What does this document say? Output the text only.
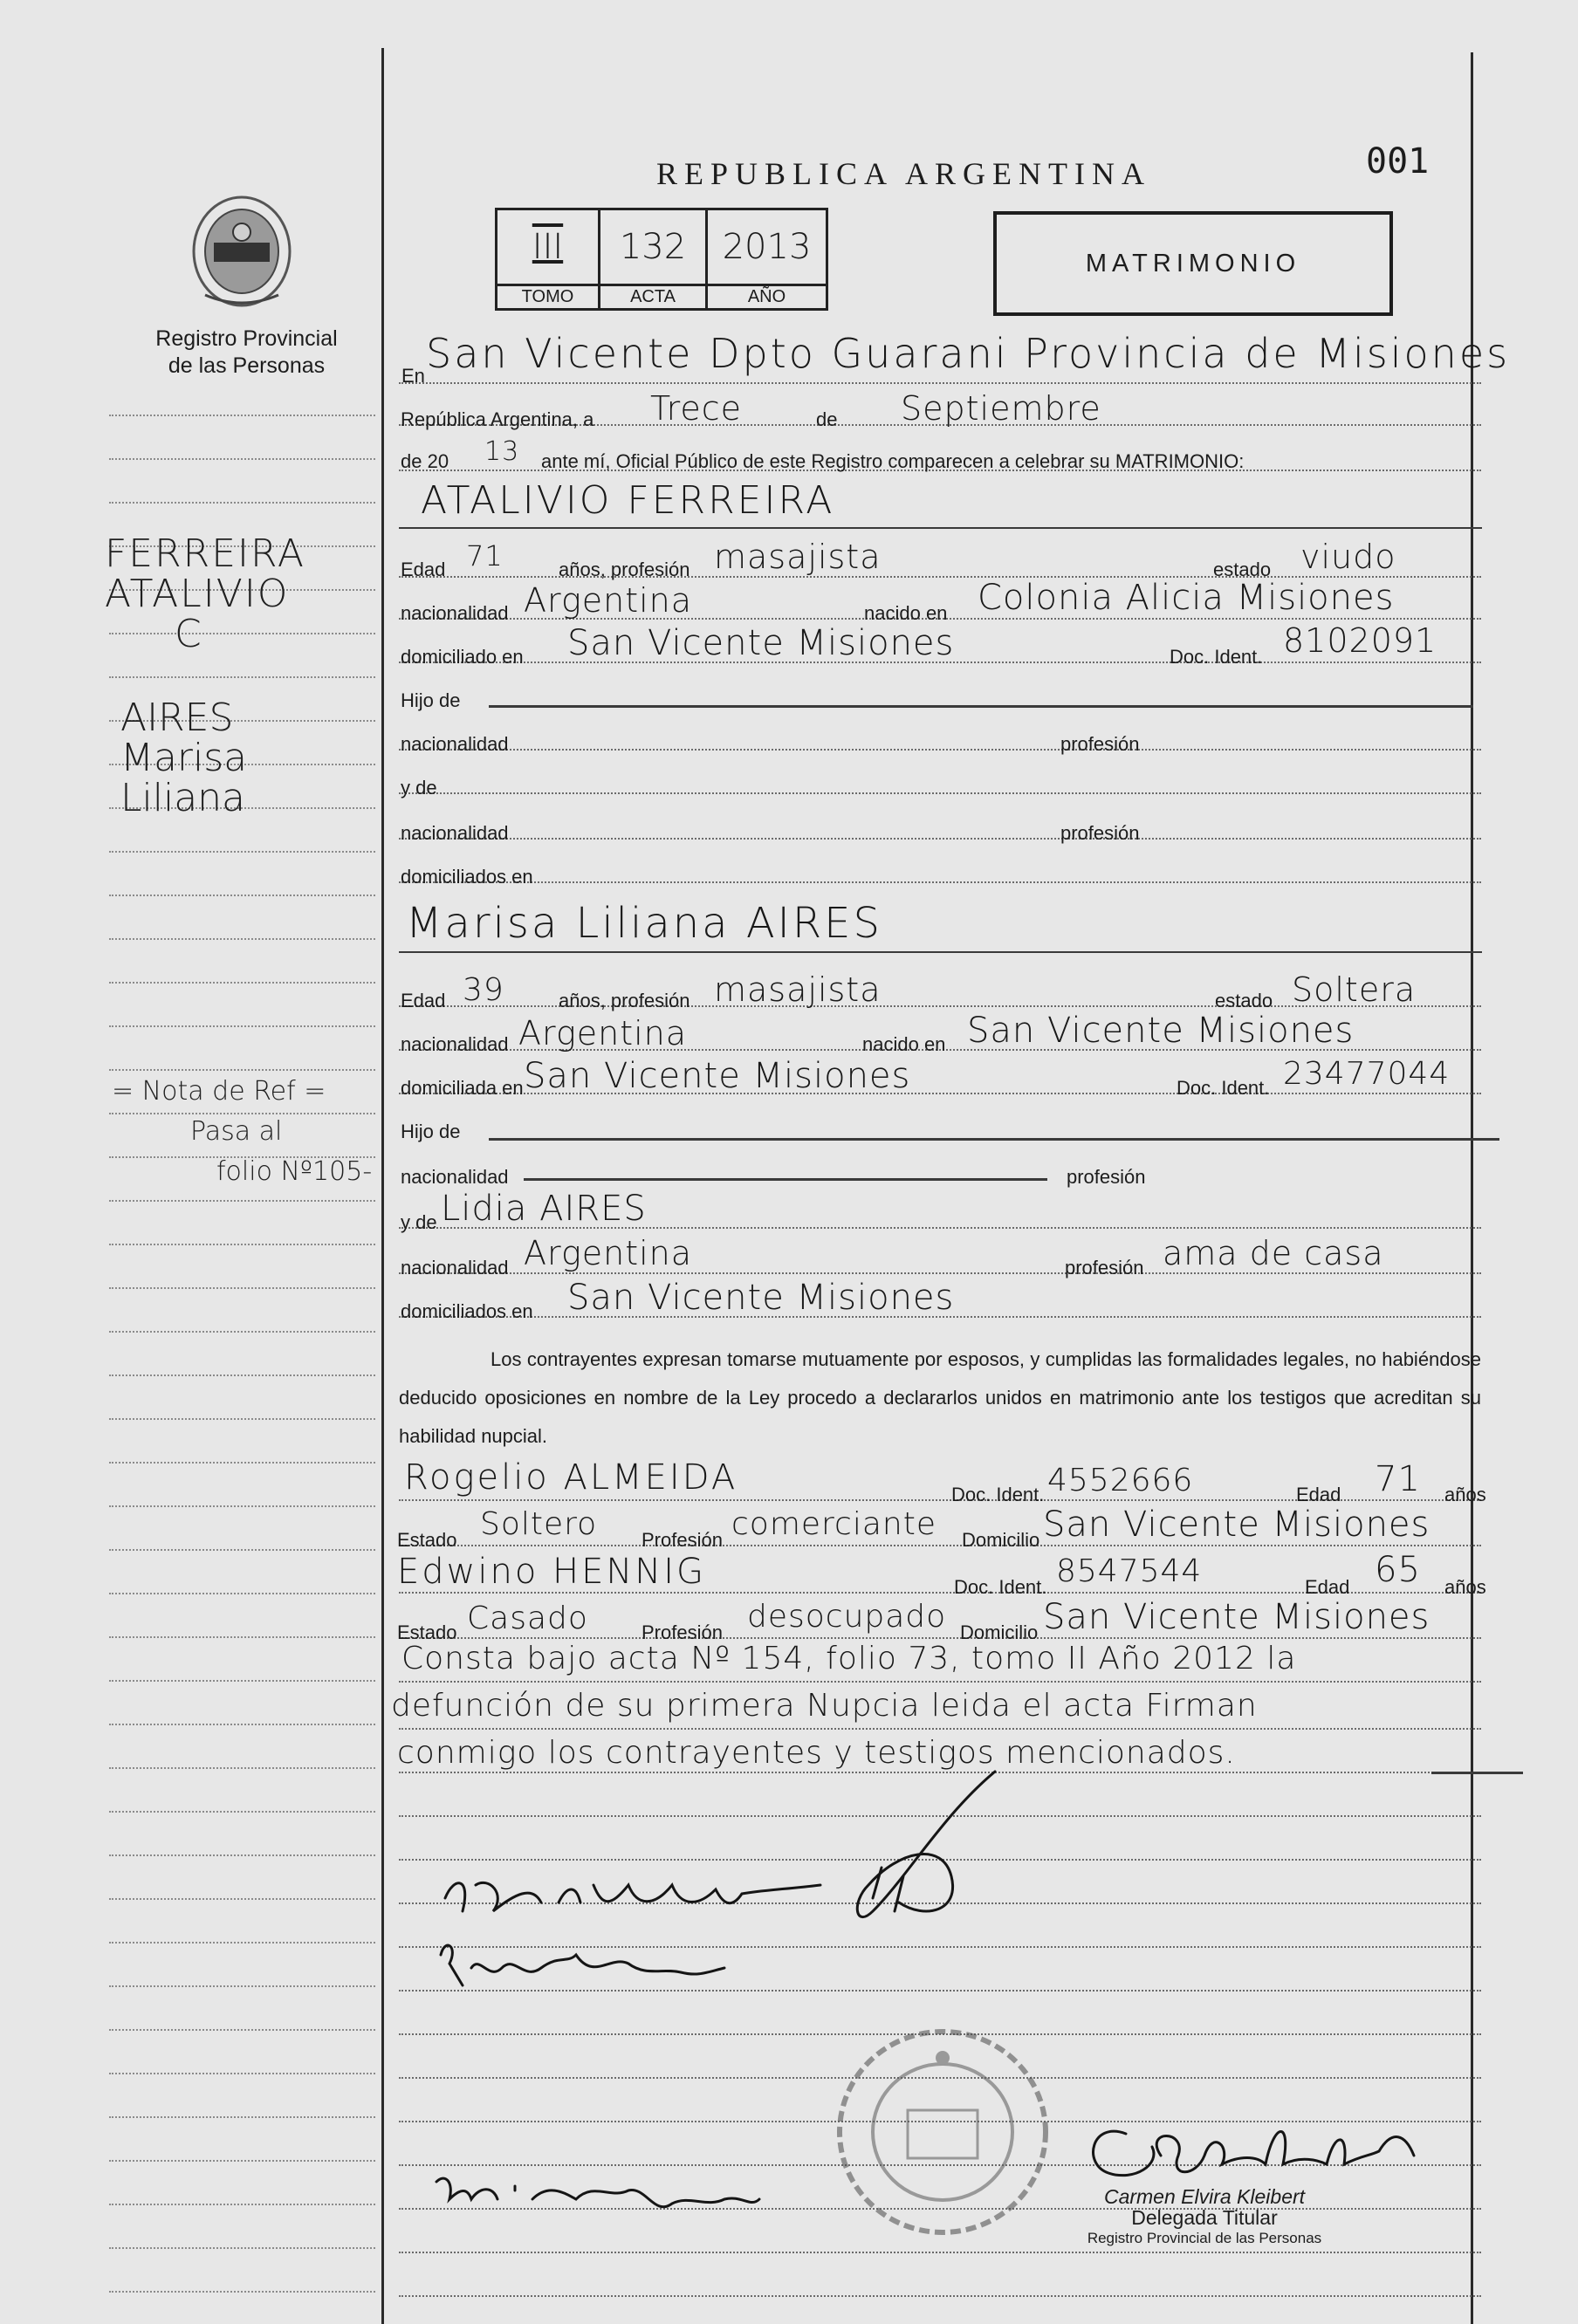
REPUBLICA ARGENTINA	001
Registro Provincial
de las Personas
III 132 2013
TOMO	ACTA	AÑO
MATRIMONIO
FERREIRA
ATALIVIO
C
AIRES
Marisa
Liliana
= Nota de Ref =
Pasa al
folio Nº105-
En San Vicente Dpto Guarani Provincia de Misiones
República Argentina, a Trece	de Septiembre
de 20 13 ante mí, Oficial Público de este Registro comparecen a celebrar su MATRIMONIO:
ATALIVIO FERREIRA
Edad 71	años, profesión masajista	estado viudo
nacionalidad Argentina	nacido en Colonia Alicia Misiones
domiciliado en San Vicente Misiones	Doc. Ident. 8102091
Hijo de
nacionalidad	profesión
y de
nacionalidad	profesión
domiciliados en
Marisa Liliana AIRES
Edad 39	años, profesión masajista	estado Soltera
nacionalidad Argentina	nacido en San Vicente Misiones
domiciliada en San Vicente Misiones	Doc. Ident. 23477044
Hijo de
nacionalidad	profesión
y de Lidia AIRES
nacionalidad Argentina	profesión ama de casa
domiciliados en San Vicente Misiones
Los contrayentes expresan tomarse mutuamente por esposos, y cumplidas las formalidades legales, no habiéndose deducido oposiciones en nombre de la Ley procedo a declararlos unidos en matrimonio ante los testigos que acreditan su habilidad nupcial.
Rogelio ALMEIDA	Doc. Ident. 4552666	Edad 71 años
Estado Soltero Profesión comerciante Domicilio San Vicente Misiones
Edwino HENNIG	Doc. Ident. 8547544	Edad 65 años
Estado Casado	Profesión desocupado Domicilio San Vicente Misiones
Consta bajo acta Nº 154, folio 73, tomo II Año 2012 la
defunción de su primera Nupcia leida el acta Firman
conmigo los contrayentes y testigos mencionados.
Carmen Elvira Kleibert
Delegada Titular
Registro Provincial de las Personas
